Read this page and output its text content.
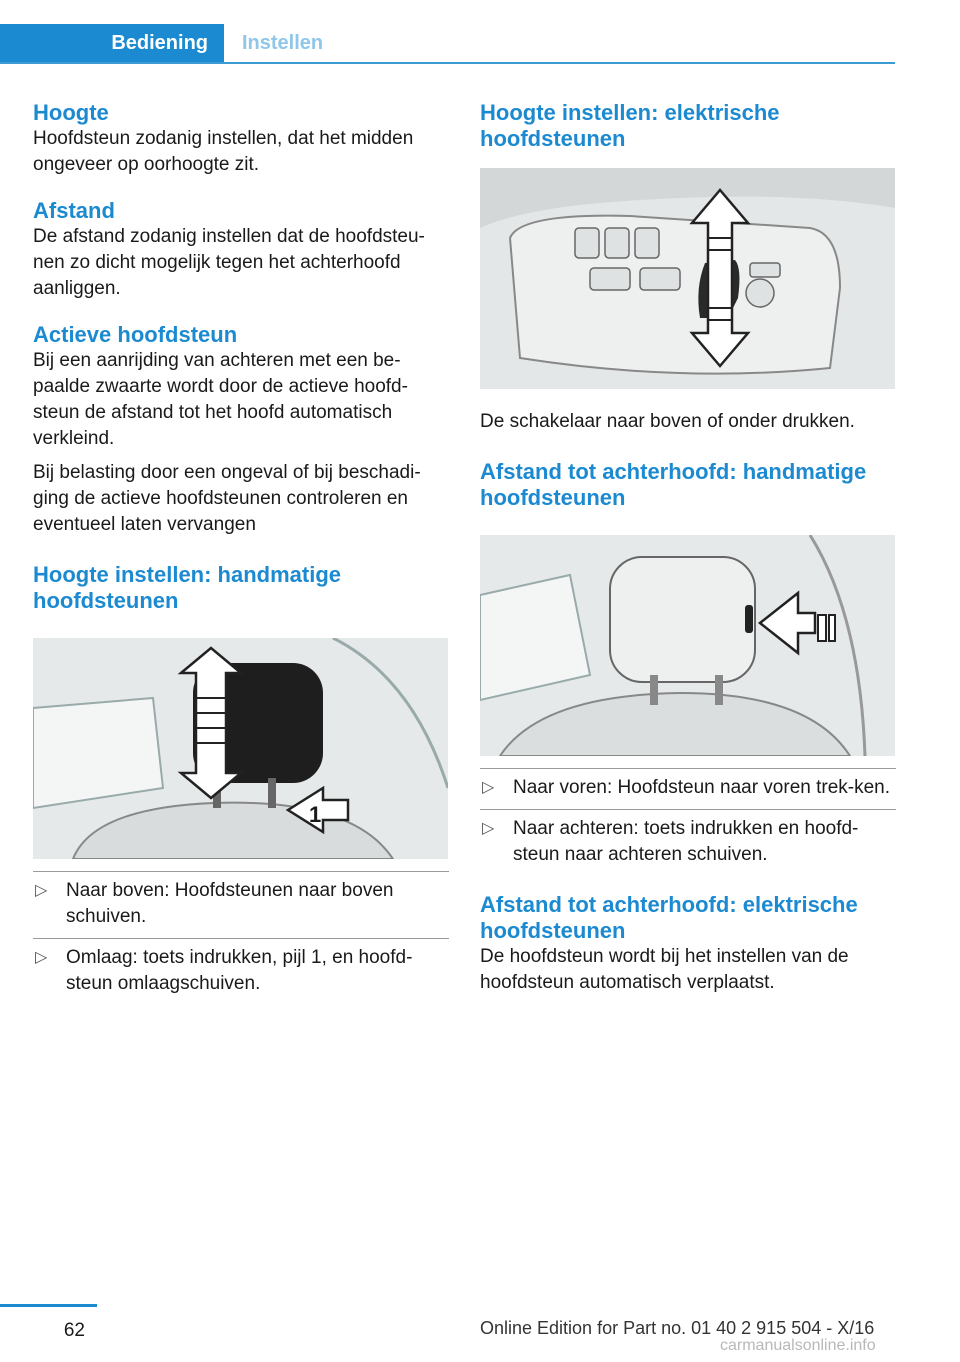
Bediening Instellen
Hoogte

Hoofdsteun zodanig instellen, dat het midden ongeveer op oorhoogte zit.

Afstand

De afstand zodanig instellen dat de hoofdsteu-nen zo dicht mogelijk tegen het achterhoofd aanliggen.

Actieve hoofdsteun

Bij een aanrijding van achteren met een be-paalde zwaarte wordt door de actieve hoofd-steun de afstand tot het hoofd automatisch verkleind.

Bij belasting door een ongeval of bij beschadi-ging de actieve hoofdsteunen controleren en eventueel laten vervangen

Hoogte instellen: handmatige hoofdsteunen
1
▷ Naar boven: Hoofdsteunen naar boven schuiven.
▷ Omlaag: toets indrukken, pijl 1, en hoofd-steun omlaagschuiven.
Hoogte instellen: elektrische hoofdsteunen

De schakelaar naar boven of onder drukken.

Afstand tot achterhoofd: handmatige hoofdsteunen
▷ Naar voren: Hoofdsteun naar voren trek-ken.
▷ Naar achteren: toets indrukken en hoofd-steun naar achteren schuiven.
Afstand tot achterhoofd: elektrische hoofdsteunen

De hoofdsteun wordt bij het instellen van de hoofdsteun automatisch verplaatst.

62	Online Edition for Part no. 01 40 2 915 504 - X/16
carmanualsonline.info
